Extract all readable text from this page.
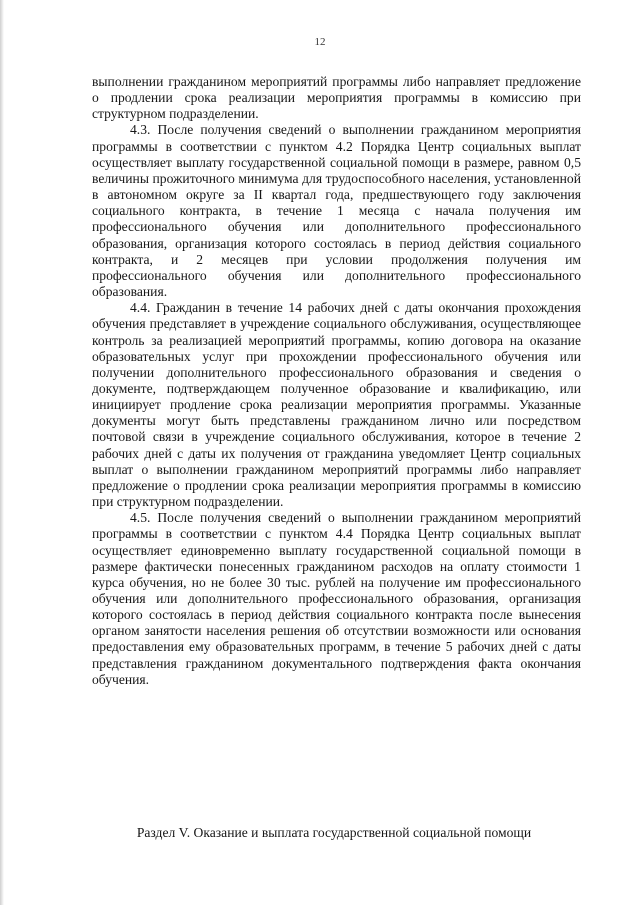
12

выполнении гражданином мероприятий программы либо направляет предложение о продлении срока реализации мероприятия программы в комиссию при структурном подразделении.

4.3. После получения сведений о выполнении гражданином мероприятия программы в соответствии с пунктом 4.2 Порядка Центр социальных выплат осуществляет выплату государственной социальной помощи в размере, равном 0,5 величины прожиточного минимума для трудоспособного населения, установленной в автономном округе за II квартал года, предшествующего году заключения социального контракта, в течение 1 месяца с начала получения им профессионального обучения или дополнительного профессионального образования, организация которого состоялась в период действия социального контракта, и 2 месяцев при условии продолжения получения им профессионального обучения или дополнительного профессионального образования.

4.4. Гражданин в течение 14 рабочих дней с даты окончания прохождения обучения представляет в учреждение социального обслуживания, осуществляющее контроль за реализацией мероприятий программы, копию договора на оказание образовательных услуг при прохождении профессионального обучения или получении дополнительного профессионального образования и сведения о документе, подтверждающем полученное образование и квалификацию, или инициирует продление срока реализации мероприятия программы. Указанные документы могут быть представлены гражданином лично или посредством почтовой связи в учреждение социального обслуживания, которое в течение 2 рабочих дней с даты их получения от гражданина уведомляет Центр социальных выплат о выполнении гражданином мероприятий программы либо направляет предложение о продлении срока реализации мероприятия программы в комиссию при структурном подразделении.

4.5. После получения сведений о выполнении гражданином мероприятий программы в соответствии с пунктом 4.4 Порядка Центр социальных выплат осуществляет единовременно выплату государственной социальной помощи в размере фактически понесенных гражданином расходов на оплату стоимости 1 курса обучения, но не более 30 тыс. рублей на получение им профессионального обучения или дополнительного профессионального образования, организация которого состоялась в период действия социального контракта после вынесения органом занятости населения решения об отсутствии возможности или основания предоставления ему образовательных программ, в течение 5 рабочих дней с даты представления гражданином документального подтверждения факта окончания обучения.

Раздел V. Оказание и выплата государственной социальной помощи
